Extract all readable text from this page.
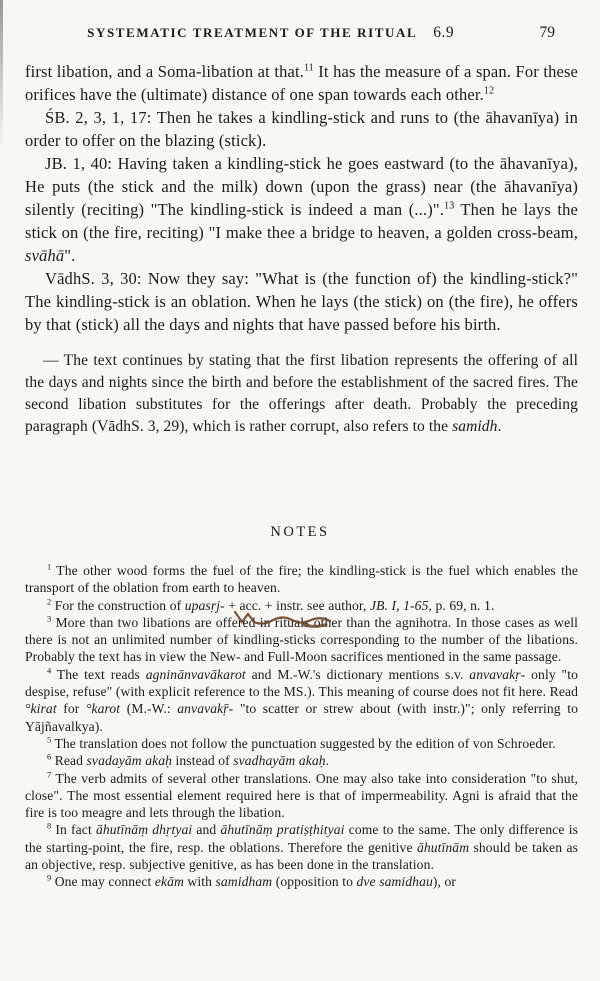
SYSTEMATIC TREATMENT OF THE RITUAL 6.9	79

first libation, and a Soma-libation at that.$^{11}$ It has the measure of a span. For these orifices have the (ultimate) distance of one span towards each other.$^{12}$

ŚB. 2, 3, 1, 17: Then he takes a kindling-stick and runs to (the āhavanīya) in order to offer on the blazing (stick).

JB. 1, 40: Having taken a kindling-stick he goes eastward (to the āhavanīya), He puts (the stick and the milk) down (upon the grass) near (the āhavanīya) silently (reciting) "The kindling-stick is indeed a man (...)".$^{13}$ Then he lays the stick on (the fire, reciting) "I make thee a bridge to heaven, a golden cross-beam, svāhā".

VādhS. 3, 30: Now they say: "What is (the function of) the kindling-stick?" The kindling-stick is an oblation. When he lays (the stick) on (the fire), he offers by that (stick) all the days and nights that have passed before his birth.

— The text continues by stating that the first libation represents the offering of all the days and nights since the birth and before the establishment of the sacred fires. The second libation substitutes for the offerings after death. Probably the preceding paragraph (VādhS. 3, 29), which is rather corrupt, also refers to the samidh.

NOTES

$^1$ The other wood forms the fuel of the fire; the kindling-stick is the fuel which enables the transport of the oblation from earth to heaven.

$^2$ For the construction of upasṛj- + acc. + instr. see author, JB. I, 1-65, p. 69, n. 1.

$^3$ More than two libations are offered in rituals other than the agnihotra. In those cases as well there is not an unlimited number of kindling-sticks corresponding to the number of the libations. Probably the text has in view the New- and Full-Moon sacrifices mentioned in the same passage.

$^4$ The text reads agninānvavākarot and M.-W.'s dictionary mentions s.v. anvavakṛ- only "to despise, refuse" (with explicit reference to the MS.). This meaning of course does not fit here. Read °kirat for °karot (M.-W.: anvavakṝ- "to scatter or strew about (with instr.)"; only referring to Yājñavalkya).

$^5$ The translation does not follow the punctuation suggested by the edition of von Schroeder.

$^6$ Read svadayām akaḥ instead of svadhayām akaḥ.

$^7$ The verb admits of several other translations. One may also take into consideration "to shut, close". The most essential element required here is that of impermeability. Agni is afraid that the fire is too meagre and lets through the libation.

$^8$ In fact āhutīnāṃ dhṛtyai and āhutīnāṃ pratiṣṭhityai come to the same. The only difference is the starting-point, the fire, resp. the oblations. Therefore the genitive āhutīnām should be taken as an objective, resp. subjective genitive, as has been done in the translation.

$^9$ One may connect ekām with samidham (opposition to dve samidhau), or
